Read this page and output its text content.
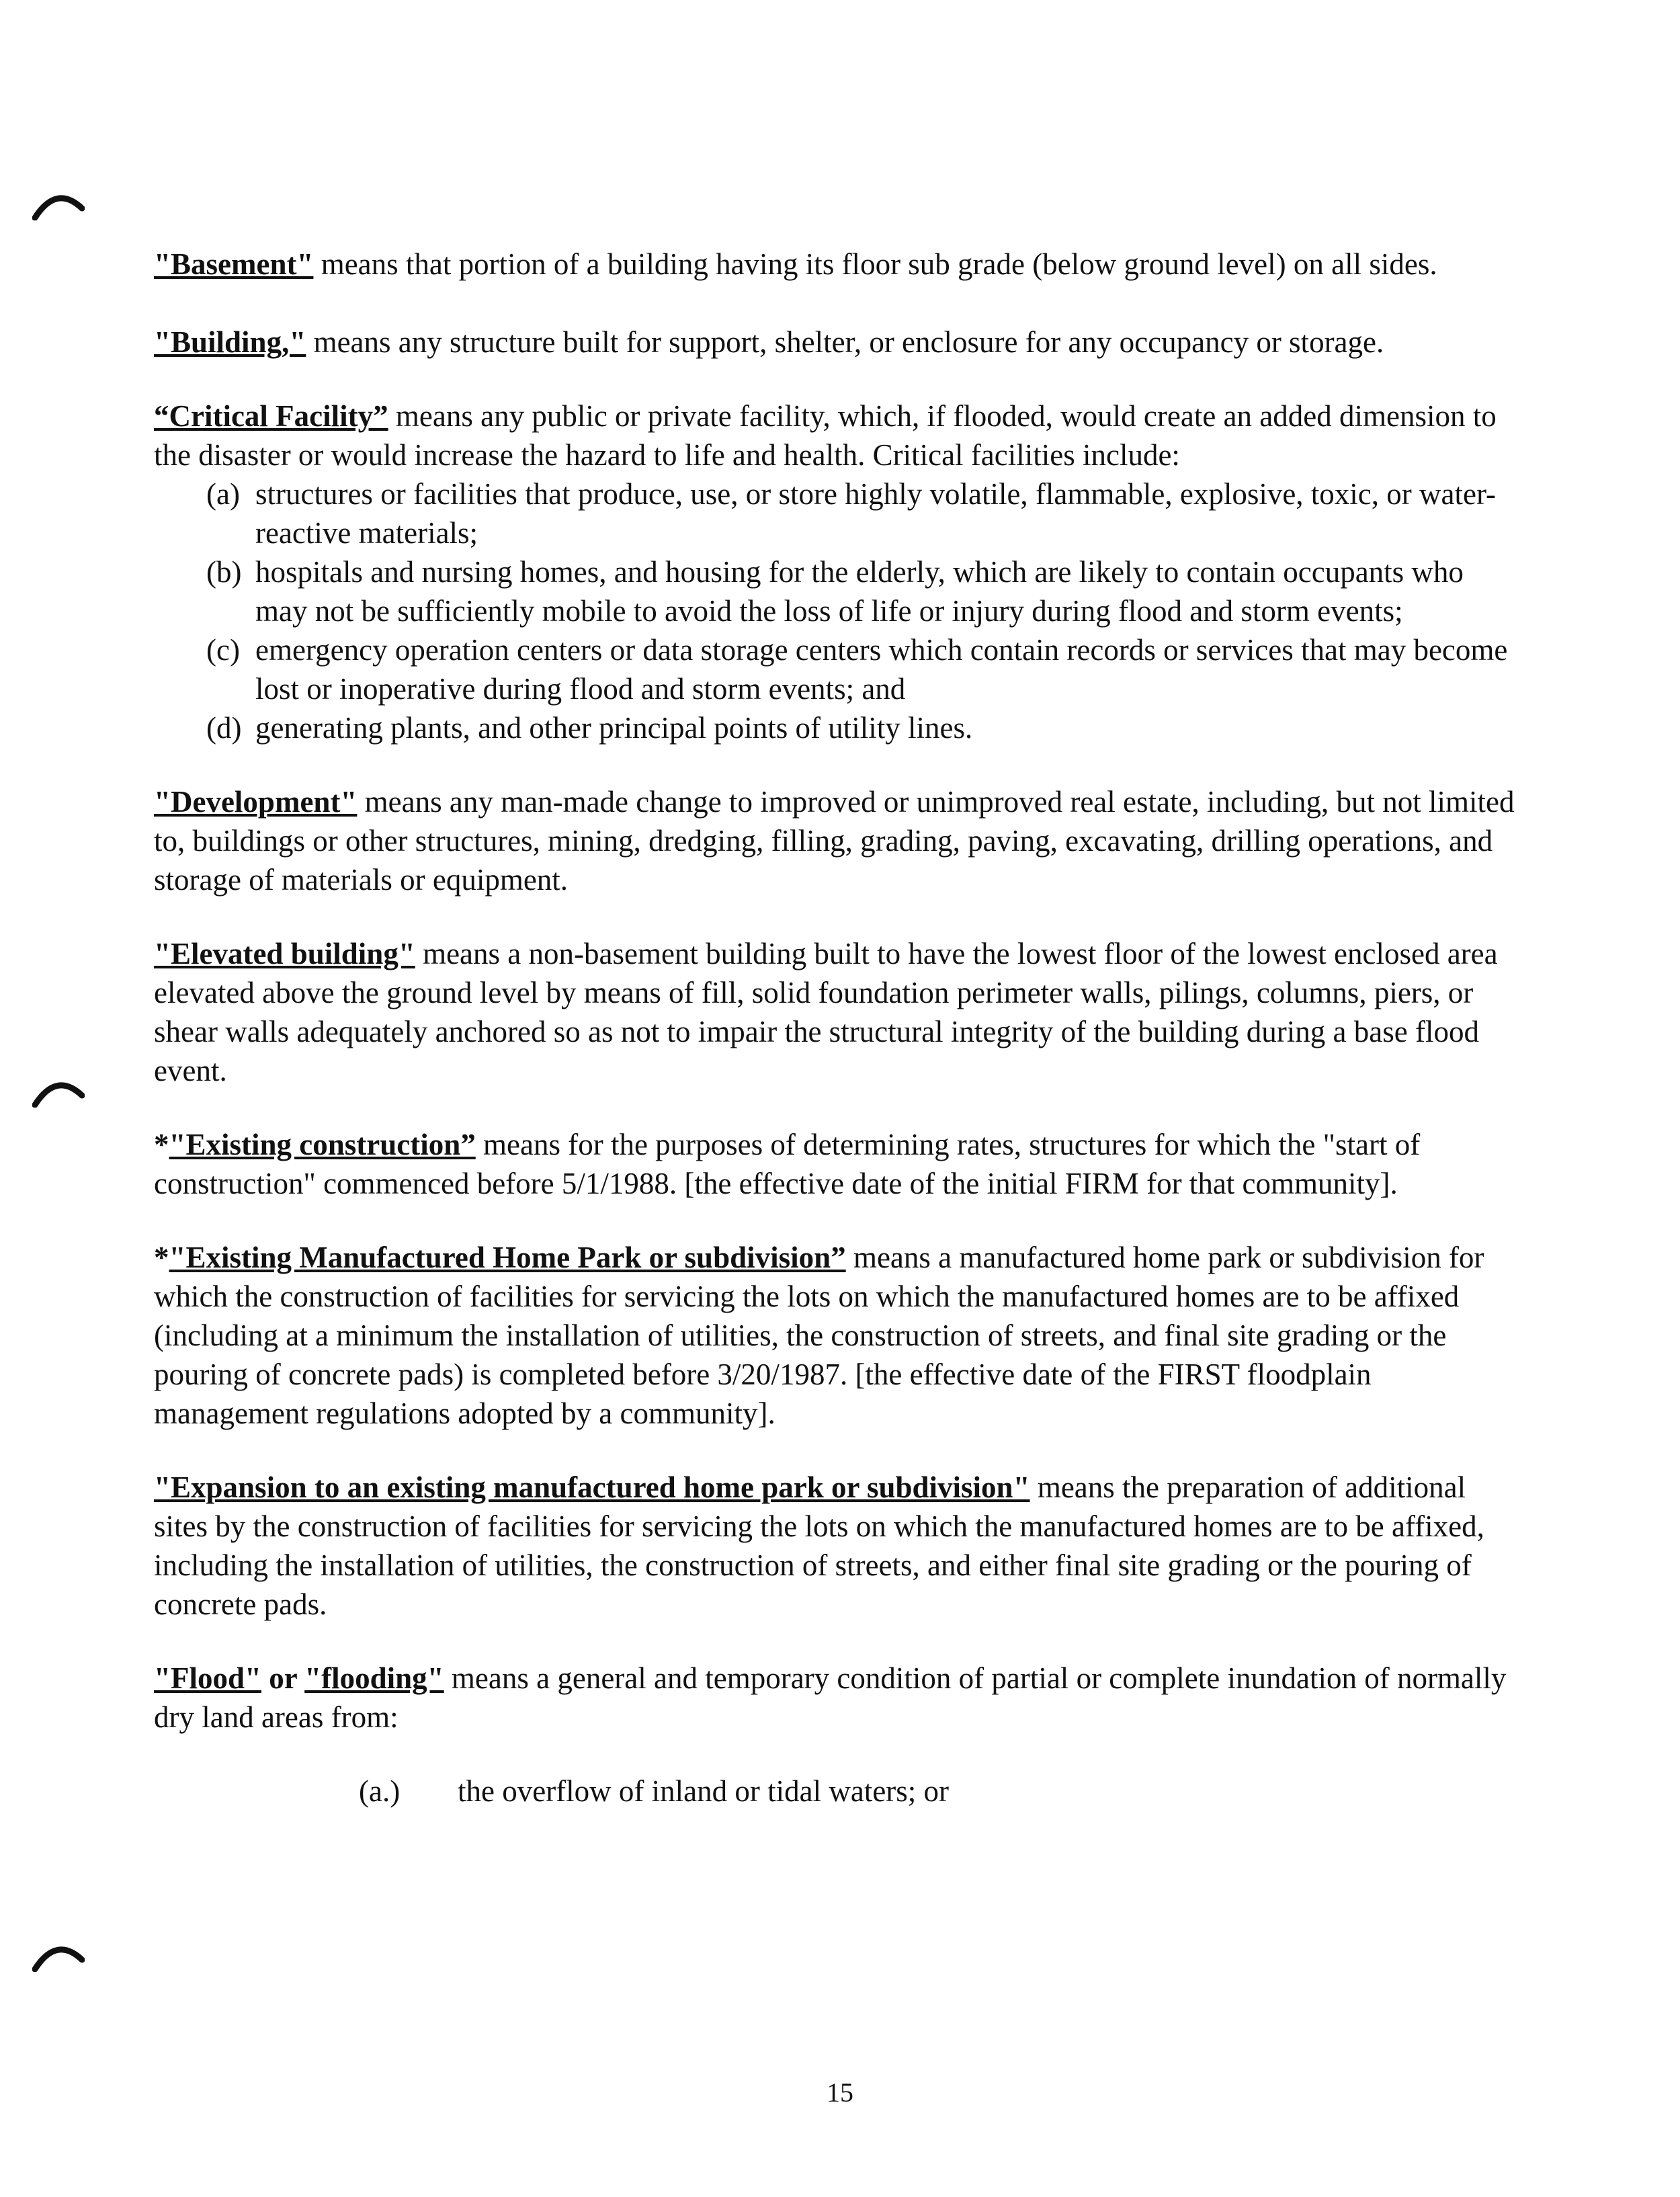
"Basement" means that portion of a building having its floor sub grade (below ground level) on all sides.

"Building," means any structure built for support, shelter, or enclosure for any occupancy or storage.

“Critical Facility” means any public or private facility, which, if flooded, would create an added dimension to the disaster or would increase the hazard to life and health. Critical facilities include:

(a) structures or facilities that produce, use, or store highly volatile, flammable, explosive, toxic, or water-reactive materials;
(b) hospitals and nursing homes, and housing for the elderly, which are likely to contain occupants who may not be sufficiently mobile to avoid the loss of life or injury during flood and storm events;
(c) emergency operation centers or data storage centers which contain records or services that may become lost or inoperative during flood and storm events; and
(d) generating plants, and other principal points of utility lines.

"Development" means any man-made change to improved or unimproved real estate, including, but not limited to, buildings or other structures, mining, dredging, filling, grading, paving, excavating, drilling operations, and storage of materials or equipment.

"Elevated building" means a non-basement building built to have the lowest floor of the lowest enclosed area elevated above the ground level by means of fill, solid foundation perimeter walls, pilings, columns, piers, or shear walls adequately anchored so as not to impair the structural integrity of the building during a base flood event.

*"Existing construction” means for the purposes of determining rates, structures for which the "start of construction" commenced before 5/1/1988. [the effective date of the initial FIRM for that community].

*"Existing Manufactured Home Park or subdivision” means a manufactured home park or subdivision for which the construction of facilities for servicing the lots on which the manufactured homes are to be affixed (including at a minimum the installation of utilities, the construction of streets, and final site grading or the pouring of concrete pads) is completed before 3/20/1987. [the effective date of the FIRST floodplain management regulations adopted by a community].

"Expansion to an existing manufactured home park or subdivision" means the preparation of additional sites by the construction of facilities for servicing the lots on which the manufactured homes are to be affixed, including the installation of utilities, the construction of streets, and either final site grading or the pouring of concrete pads.

"Flood" or "flooding" means a general and temporary condition of partial or complete inundation of normally dry land areas from:

(a.) the overflow of inland or tidal waters; or
15
